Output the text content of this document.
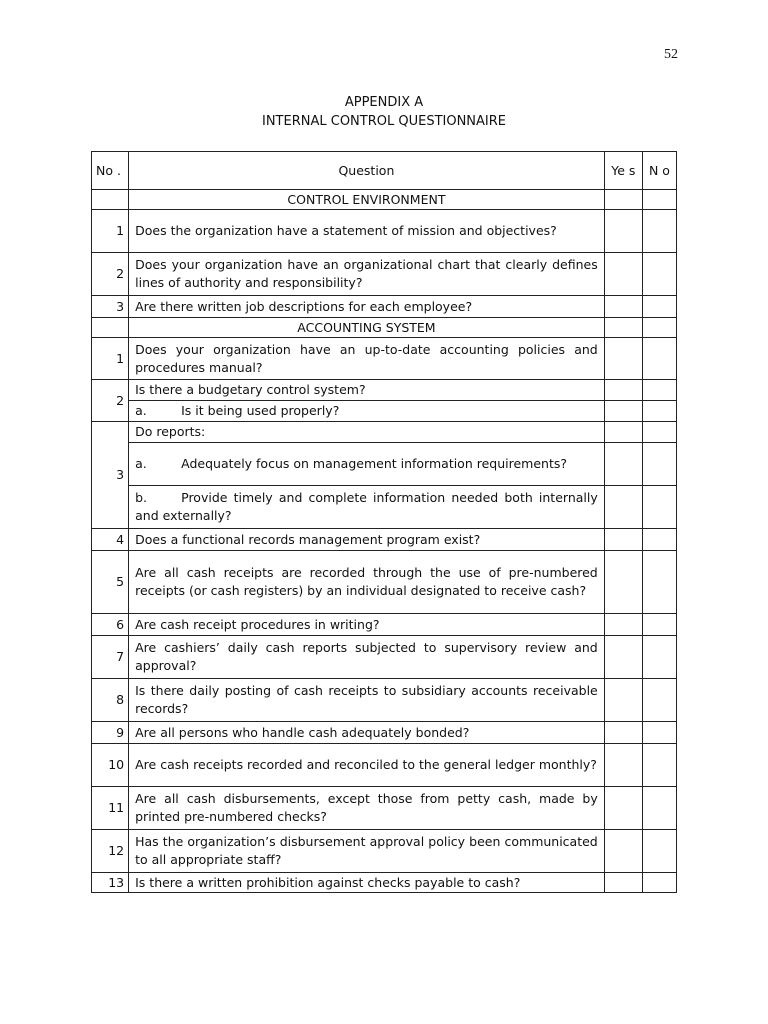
52
APPENDIX A
INTERNAL CONTROL QUESTIONNAIRE
No .	Question	Ye s	N o
	CONTROL ENVIRONMENT		
1	Does the organization have a statement of mission and objectives?		
2	Does your organization have an organizational chart that clearly defines lines of authority and responsibility?		
3	Are there written job descriptions for each employee?		
	ACCOUNTING SYSTEM		
1	Does your organization have an up-to-date accounting policies and procedures manual?		
2	Is there a budgetary control system?		
	a. Is it being used properly?		
3	Do reports:		
	a. Adequately focus on management information requirements?		
	b. Provide timely and complete information needed both internally and externally?		
4	Does a functional records management program exist?		
5	Are all cash receipts are recorded through the use of pre-numbered receipts (or cash registers) by an individual designated to receive cash?		
6	Are cash receipt procedures in writing?		
7	Are cashiers’ daily cash reports subjected to supervisory review and approval?		
8	Is there daily posting of cash receipts to subsidiary accounts receivable records?		
9	Are all persons who handle cash adequately bonded?		
10	Are cash receipts recorded and reconciled to the general ledger monthly?		
11	Are all cash disbursements, except those from petty cash, made by printed pre-numbered checks?		
12	Has the organization’s disbursement approval policy been communicated to all appropriate staff?		
13	Is there a written prohibition against checks payable to cash?		
